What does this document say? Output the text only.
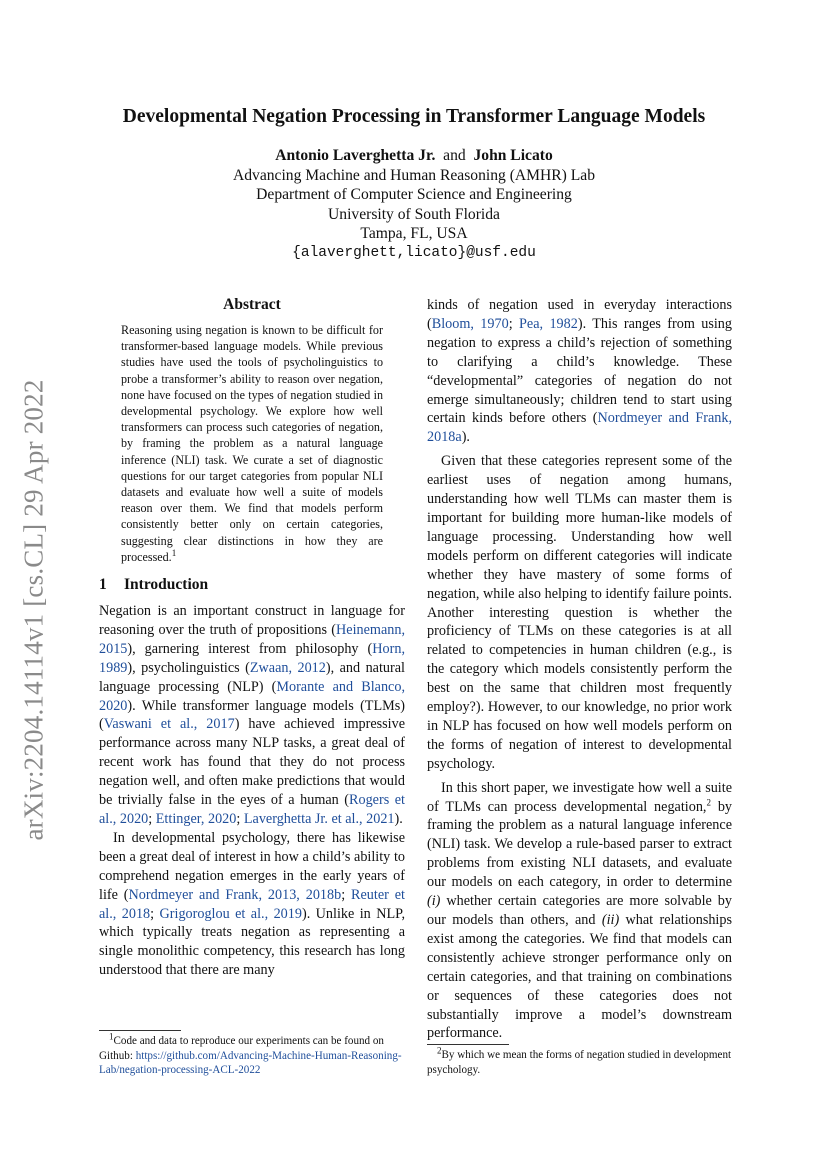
arXiv:2204.14114v1 [cs.CL] 29 Apr 2022
Developmental Negation Processing in Transformer Language Models
Antonio Laverghetta Jr. and John Licato
Advancing Machine and Human Reasoning (AMHR) Lab
Department of Computer Science and Engineering
University of South Florida
Tampa, FL, USA
{alaverghett,licato}@usf.edu
Abstract

Reasoning using negation is known to be difficult for transformer-based language models. While previous studies have used the tools of psycholinguistics to probe a transformer’s ability to reason over negation, none have focused on the types of negation studied in developmental psychology. We explore how well transformers can process such categories of negation, by framing the problem as a natural language inference (NLI) task. We curate a set of diagnostic questions for our target categories from popular NLI datasets and evaluate how well a suite of models reason over them. We find that models perform consistently better only on certain categories, suggesting clear distinctions in how they are processed.$^1$

1 Introduction

Negation is an important construct in language for reasoning over the truth of propositions (Heinemann, 2015), garnering interest from philosophy (Horn, 1989), psycholinguistics (Zwaan, 2012), and natural language processing (NLP) (Morante and Blanco, 2020). While transformer language models (TLMs) (Vaswani et al., 2017) have achieved impressive performance across many NLP tasks, a great deal of recent work has found that they do not process negation well, and often make predictions that would be trivially false in the eyes of a human (Rogers et al., 2020; Ettinger, 2020; Laverghetta Jr. et al., 2021).

In developmental psychology, there has likewise been a great deal of interest in how a child’s ability to comprehend negation emerges in the early years of life (Nordmeyer and Frank, 2013, 2018b; Reuter et al., 2018; Grigoroglou et al., 2019). Unlike in NLP, which typically treats negation as representing a single monolithic competency, this research has long understood that there are many

$^1$Code and data to reproduce our experiments can be found on Github: https://github.com/Advancing-Machine-Human-Reasoning-Lab/negation-processing-ACL-2022

kinds of negation used in everyday interactions (Bloom, 1970; Pea, 1982). This ranges from using negation to express a child’s rejection of something to clarifying a child’s knowledge. These “developmental” categories of negation do not emerge simultaneously; children tend to start using certain kinds before others (Nordmeyer and Frank, 2018a).

Given that these categories represent some of the earliest uses of negation among humans, understanding how well TLMs can master them is important for building more human-like models of language processing. Understanding how well models perform on different categories will indicate whether they have mastery of some forms of negation, while also helping to identify failure points. Another interesting question is whether the proficiency of TLMs on these categories is at all related to competencies in human children (e.g., is the category which models consistently perform the best on the same that children most frequently employ?). However, to our knowledge, no prior work in NLP has focused on how well models perform on the forms of negation of interest to developmental psychology.

In this short paper, we investigate how well a suite of TLMs can process developmental negation,$^2$ by framing the problem as a natural language inference (NLI) task. We develop a rule-based parser to extract problems from existing NLI datasets, and evaluate our models on each category, in order to determine (i) whether certain categories are more solvable by our models than others, and (ii) what relationships exist among the categories. We find that models can consistently achieve stronger performance only on certain categories, and that training on combinations or sequences of these categories does not substantially improve a model’s downstream performance.

$^2$By which we mean the forms of negation studied in development psychology.
